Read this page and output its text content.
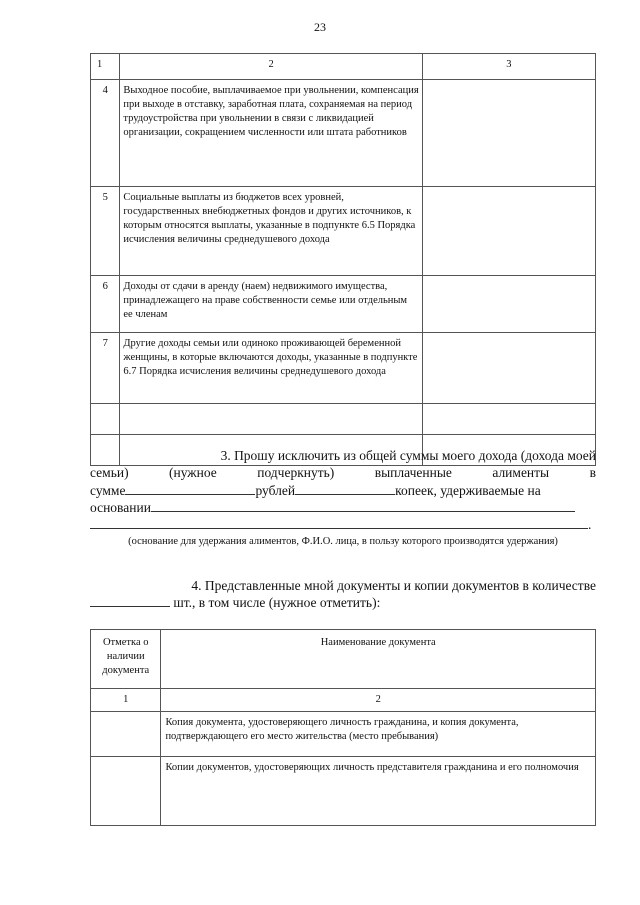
23
1	2	3
4	Выходное пособие, выплачиваемое при увольнении, компенсация при выходе в отставку, заработная плата, сохраняемая на период трудоустройства при увольнении в связи с ликвидацией организации, сокращением численности или штата работников	
5	Социальные выплаты из бюджетов всех уровней, государственных внебюджетных фондов и других источников, к которым относятся выплаты, указанные в подпункте 6.5 Порядка исчисления величины среднедушевого дохода	
6	Доходы от сдачи в аренду (наем) недвижимого имущества, принадлежащего на праве собственности семье или отдельным ее членам	
7	Другие доходы семьи или одиноко проживающей беременной женщины, в которые включаются доходы, указанные в подпункте 6.7 Порядка исчисления величины среднедушевого дохода	

3. Прошу исключить из общей суммы моего дохода (дохода моей
семьи)	(нужное	подчеркнуть)	выплаченные	алименты	в
сумме	рублей	копеек, удерживаемые на
основании
.
(основание для удержания алиментов, Ф.И.О. лица, в пользу которого производятся удержания)
4. Представленные мной документы и копии документов в количестве
шт., в том числе (нужное отметить):
Отметка о наличии документа	Наименование документа
1	2
	Копия документа, удостоверяющего личность гражданина, и копия документа, подтверждающего его место жительства (место пребывания)
	Копии документов, удостоверяющих личность представителя гражданина и его полномочия
